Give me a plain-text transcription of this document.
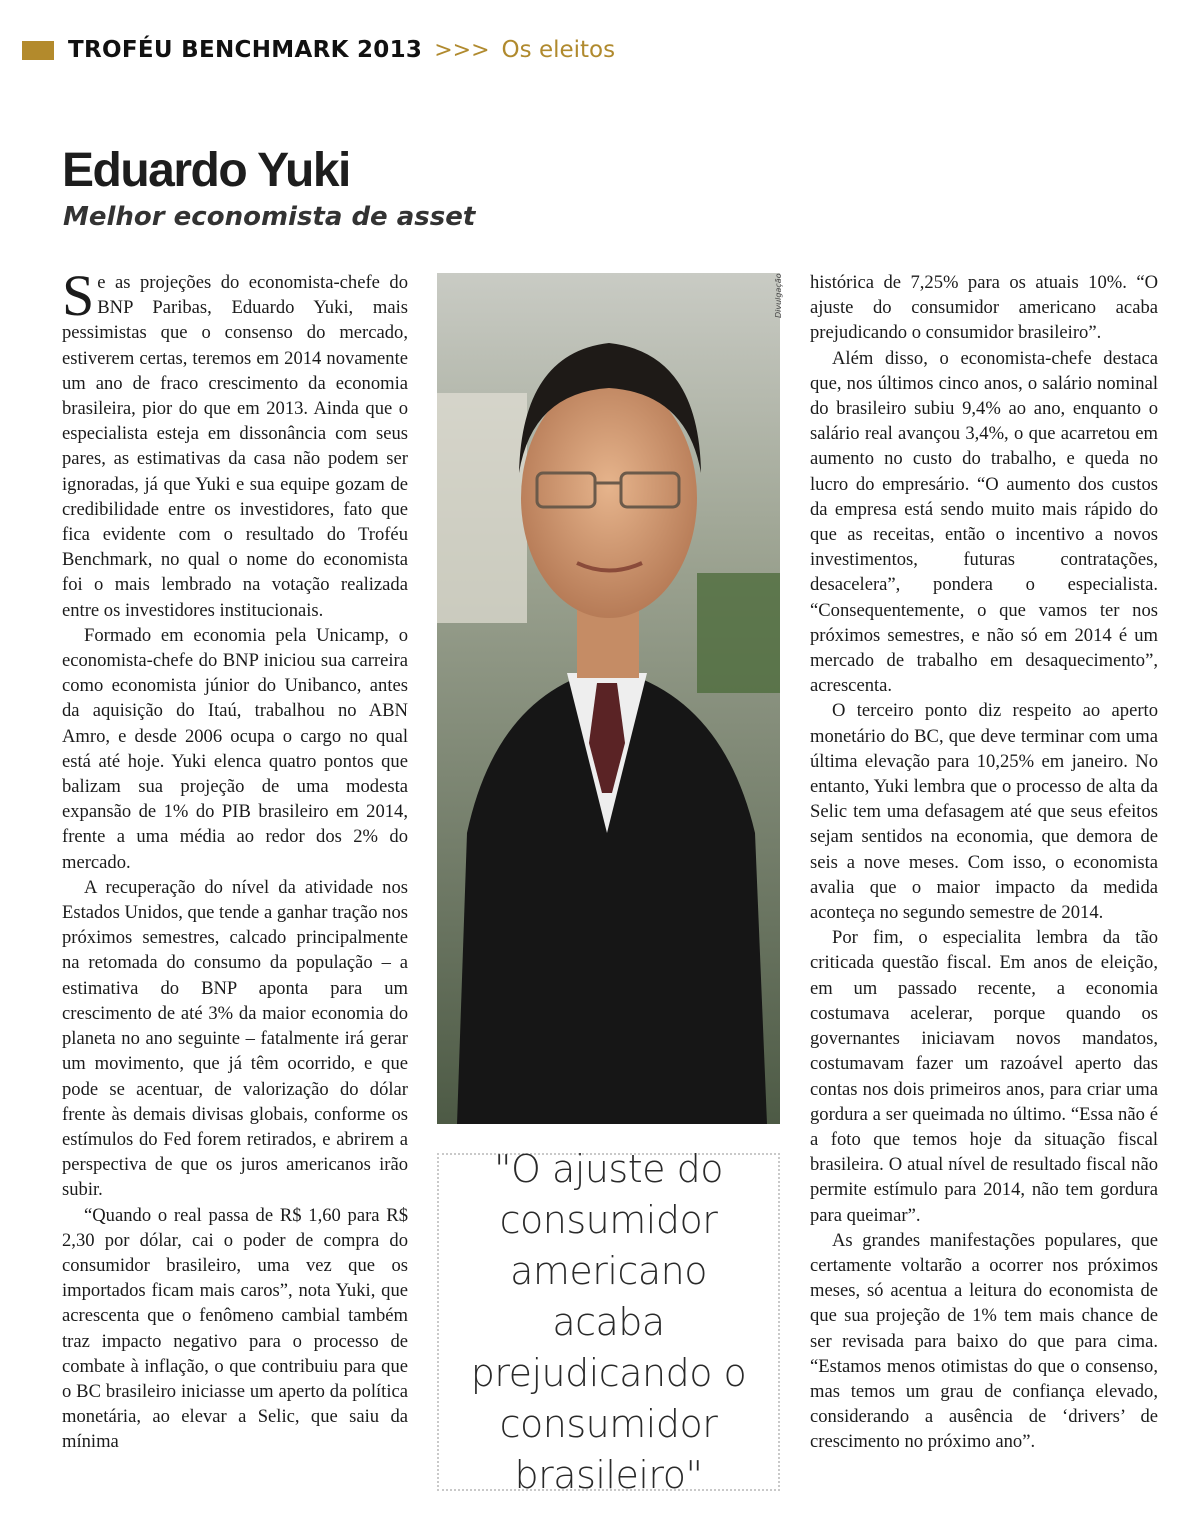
TROFÉU BENCHMARK 2013 >>> Os eleitos
Eduardo Yuki
Melhor economista de asset

Se as projeções do economista-chefe do BNP Paribas, Eduardo Yuki, mais pessimistas que o consenso do mercado, estiverem certas, teremos em 2014 novamente um ano de fraco crescimento da economia brasileira, pior do que em 2013. Ainda que o especialista esteja em dissonância com seus pares, as estimativas da casa não podem ser ignoradas, já que Yuki e sua equipe gozam de credibilidade entre os investidores, fato que fica evidente com o resultado do Troféu Benchmark, no qual o nome do economista foi o mais lembrado na votação realizada entre os investidores institucionais.

Formado em economia pela Unicamp, o economista-chefe do BNP iniciou sua carreira como economista júnior do Unibanco, antes da aquisição do Itaú, trabalhou no ABN Amro, e desde 2006 ocupa o cargo no qual está até hoje. Yuki elenca quatro pontos que balizam sua projeção de uma modesta expansão de 1% do PIB brasileiro em 2014, frente a uma média ao redor dos 2% do mercado.

A recuperação do nível da atividade nos Estados Unidos, que tende a ganhar tração nos próximos semestres, calcado principalmente na retomada do consumo da população – a estimativa do BNP aponta para um crescimento de até 3% da maior economia do planeta no ano seguinte – fatalmente irá gerar um movimento, que já têm ocorrido, e que pode se acentuar, de valorização do dólar frente às demais divisas globais, conforme os estímulos do Fed forem retirados, e abrirem a perspectiva de que os juros americanos irão subir.

“Quando o real passa de R$ 1,60 para R$ 2,30 por dólar, cai o poder de compra do consumidor brasileiro, uma vez que os importados ficam mais caros”, nota Yuki, que acrescenta que o fenômeno cambial também traz impacto negativo para o processo de combate à inflação, o que contribuiu para que o BC brasileiro iniciasse um aperto da política monetária, ao elevar a Selic, que saiu da mínima

Divulgação
"O ajuste do consumidor americano acaba prejudicando o consumidor brasileiro"

histórica de 7,25% para os atuais 10%. “O ajuste do consumidor americano acaba prejudicando o consumidor brasileiro”.

Além disso, o economista-chefe destaca que, nos últimos cinco anos, o salário nominal do brasileiro subiu 9,4% ao ano, enquanto o salário real avançou 3,4%, o que acarretou em aumento no custo do trabalho, e queda no lucro do empresário. “O aumento dos custos da empresa está sendo muito mais rápido do que as receitas, então o incentivo a novos investimentos, futuras contratações, desacelera”, pondera o especialista. “Consequentemente, o que vamos ter nos próximos semestres, e não só em 2014 é um mercado de trabalho em desaquecimento”, acrescenta.

O terceiro ponto diz respeito ao aperto monetário do BC, que deve terminar com uma última elevação para 10,25% em janeiro. No entanto, Yuki lembra que o processo de alta da Selic tem uma defasagem até que seus efeitos sejam sentidos na economia, que demora de seis a nove meses. Com isso, o economista avalia que o maior impacto da medida aconteça no segundo semestre de 2014.

Por fim, o especialita lembra da tão criticada questão fiscal. Em anos de eleição, em um passado recente, a economia costumava acelerar, porque quando os governantes iniciavam novos mandatos, costumavam fazer um razoável aperto das contas nos dois primeiros anos, para criar uma gordura a ser queimada no último. “Essa não é a foto que temos hoje da situação fiscal brasileira. O atual nível de resultado fiscal não permite estímulo para 2014, não tem gordura para queimar”.

As grandes manifestações populares, que certamente voltarão a ocorrer nos próximos meses, só acentua a leitura do economista de que sua projeção de 1% tem mais chance de ser revisada para baixo do que para cima. “Estamos menos otimistas do que o consenso, mas temos um grau de confiança elevado, considerando a ausência de ‘drivers’ de crescimento no próximo ano”.
